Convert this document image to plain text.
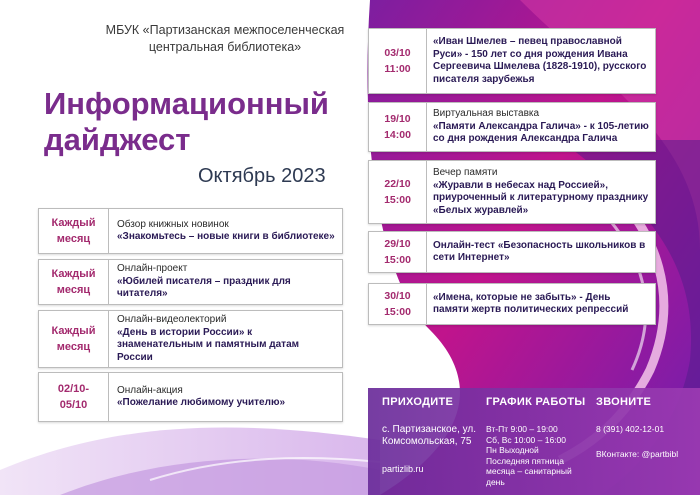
МБУК «Партизанская межпоселенческая центральная библиотека»
Информационный дайджест
Октябрь 2023
Каждый
месяц
Обзор книжных новинок
«Знакомьтесь – новые книги в библиотеке»
Каждый
месяц
Онлайн-проект
«Юбилей писателя – праздник для читателя»
Каждый
месяц
Онлайн-видеолекторий
«День в истории России» к знаменательным и памятным датам России
02/10-
05/10
Онлайн-акция
«Пожелание любимому учителю»
03/10
11:00
«Иван Шмелев – певец православной Руси» - 150 лет со дня рождения Ивана Сергеевича Шмелева (1828-1910), русского писателя зарубежья
19/10
14:00
Виртуальная выставка
«Памяти Александра Галича» - к 105-летию со дня рождения Александра Галича
22/10
15:00
Вечер памяти
«Журавли в небесах над Россией», приуроченный к литературному празднику «Белых журавлей»
29/10
15:00
Онлайн-тест «Безопасность школьников в сети Интернет»
30/10
15:00
«Имена, которые не забыть» - День памяти жертв политических репрессий
ПРИХОДИТЕ

с. Партизанское, ул. Комсомольская, 75

partizlib.ru

ГРАФИК РАБОТЫ

Вт-Пт 9:00 – 19:00

Сб, Вс 10:00 – 16:00

Пн Выходной

Последняя пятница месяца – санитарный день

ЗВОНИТЕ

8 (391) 402-12-01

ВКонтакте: @partbibl
